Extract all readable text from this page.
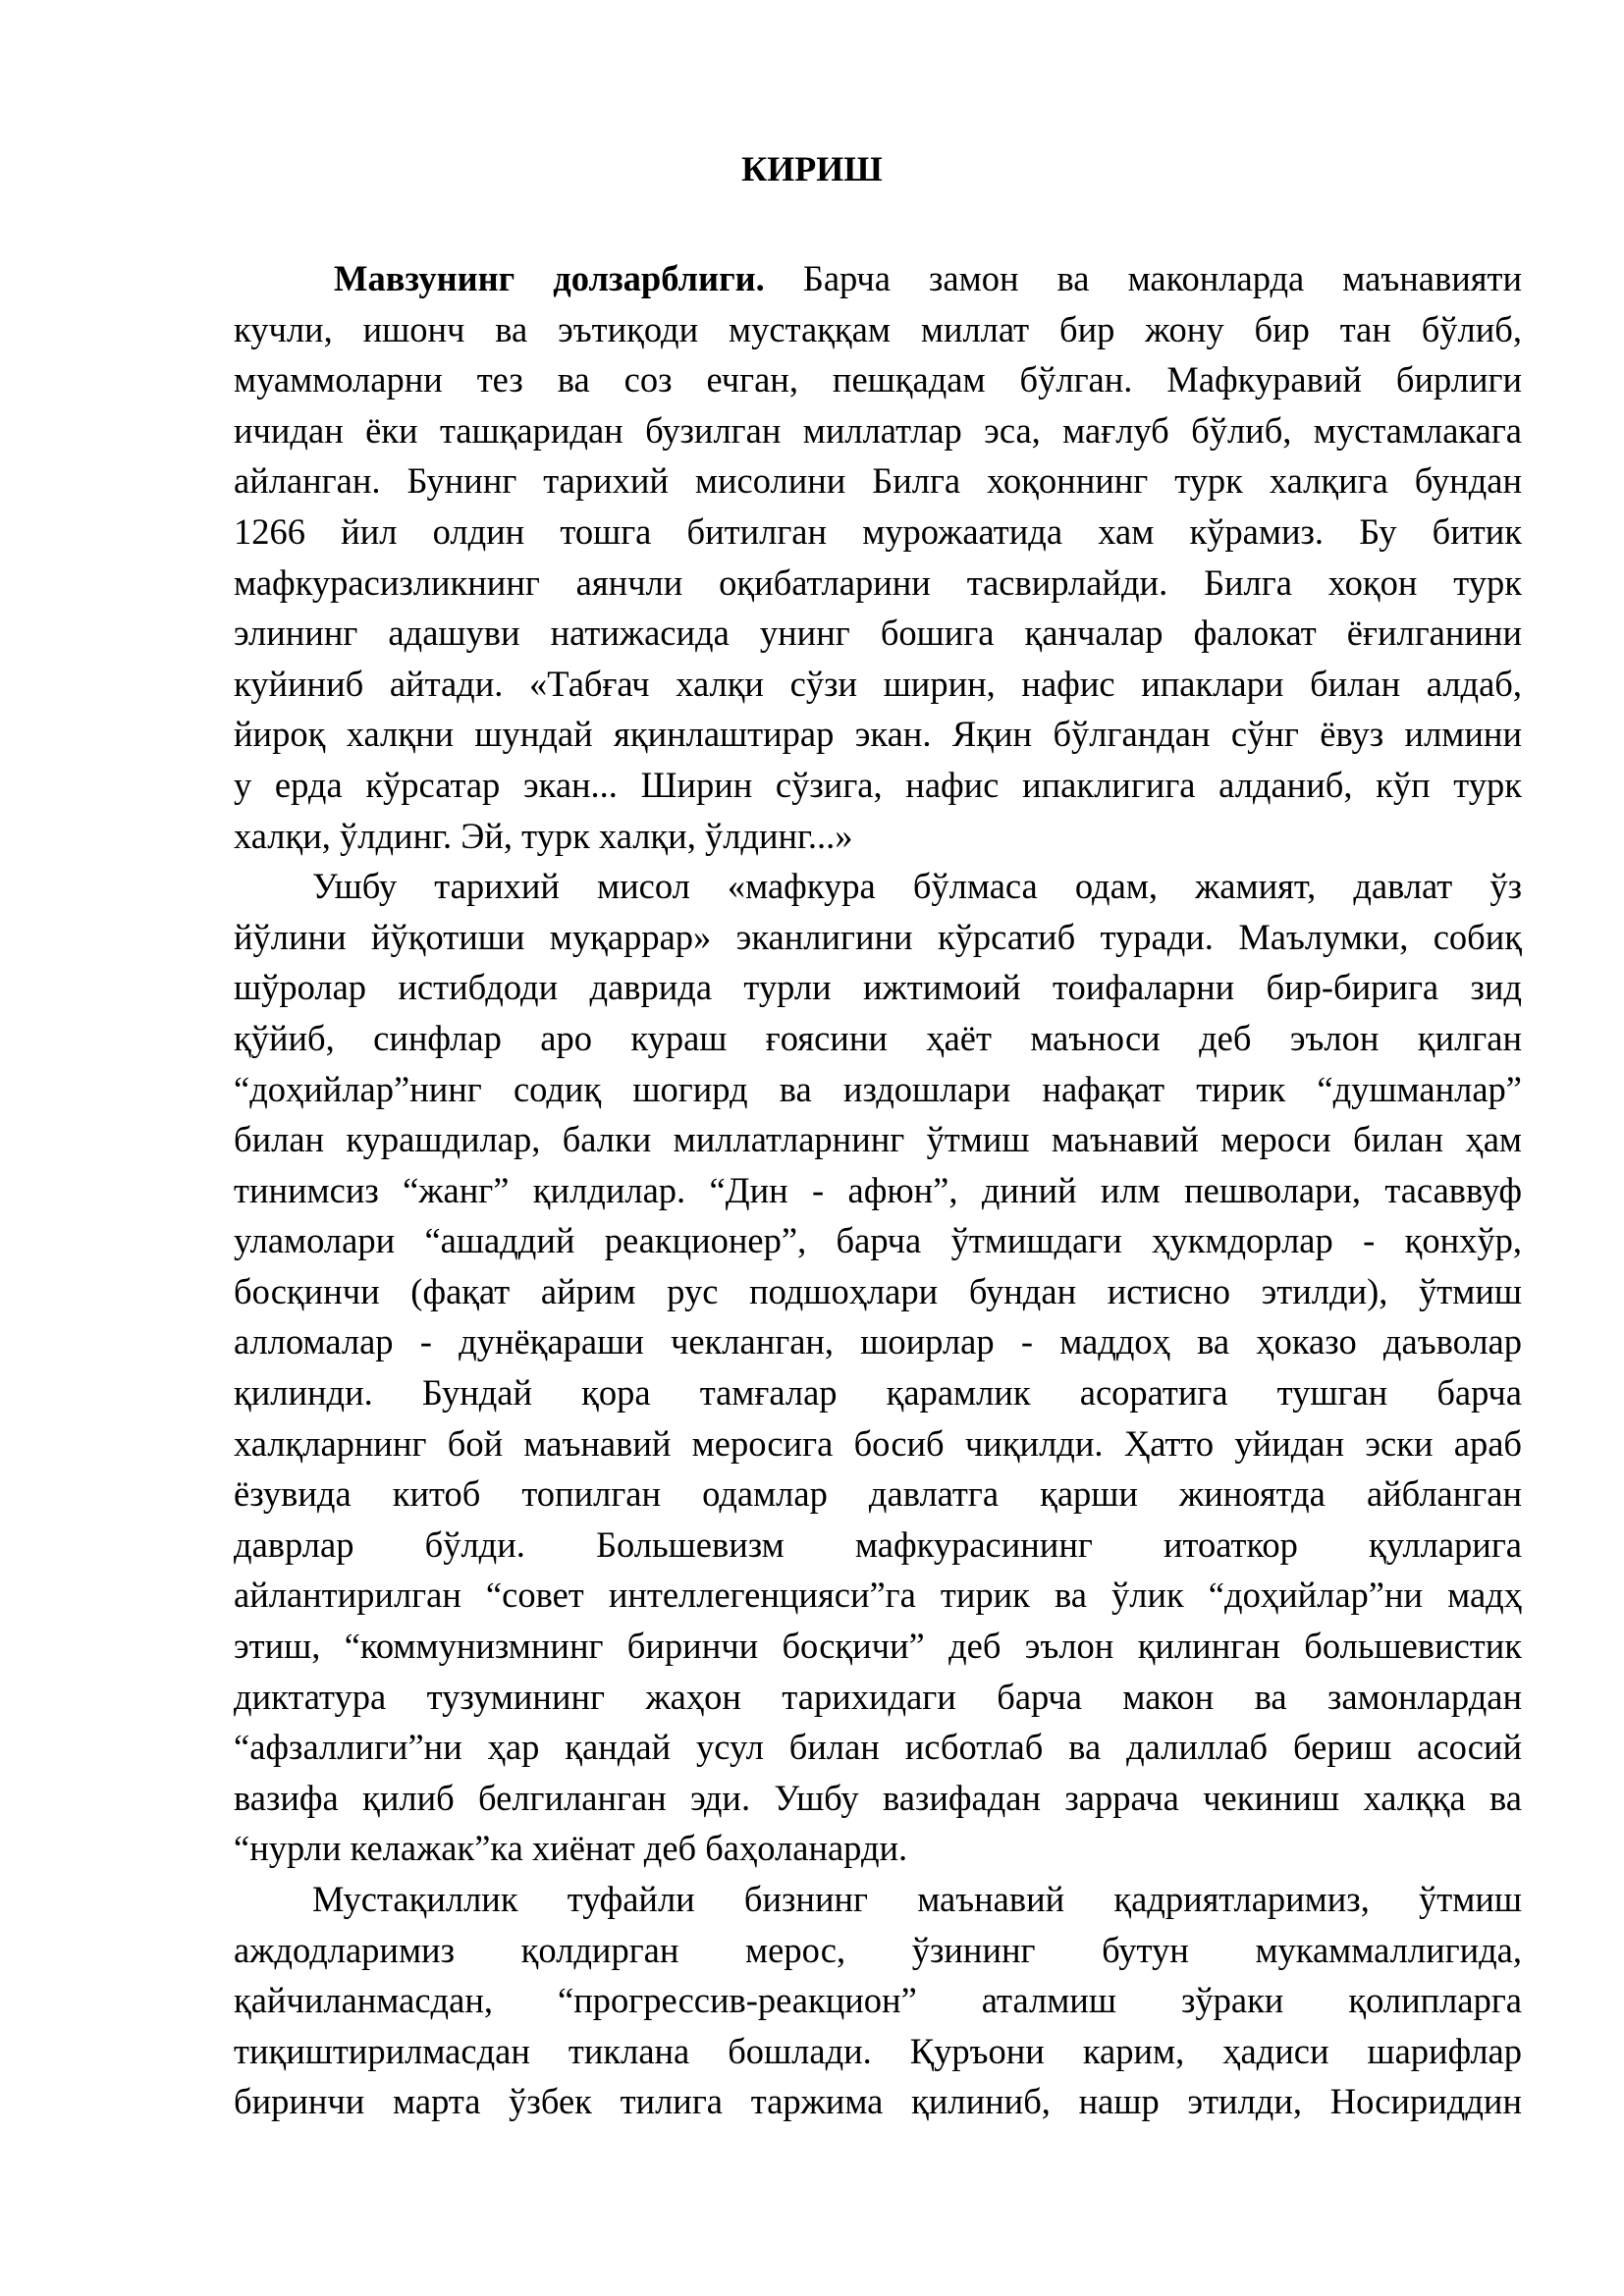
КИРИШ
Мавзунинг долзарблиги. Барча замон ва маконларда маънавияти
кучли, ишонч ва эътиқоди мустаққам миллат бир жону бир тан бўлиб,
муаммоларни тез ва соз ечган, пешқадам бўлган. Мафкуравий бирлиги
ичидан ёки ташқаридан бузилган миллатлар эса, мағлуб бўлиб, мустамлакага
айланган. Бунинг тарихий мисолини Билга хоқоннинг турк халқига бундан
1266 йил олдин тошга битилган мурожаатида хам кўрамиз. Бу битик
мафкурасизликнинг аянчли оқибатларини тасвирлайди. Билга хоқон турк
элининг адашуви натижасида унинг бошига қанчалар фалокат ёғилганини
куйиниб айтади. «Табғач халқи сўзи ширин, нафис ипаклари билан алдаб,
йироқ халқни шундай яқинлаштирар экан. Яқин бўлгандан сўнг ёвуз илмини
у ерда кўрсатар экан... Ширин сўзига, нафис ипаклигига алданиб, кўп турк
халқи, ўлдинг. Эй, турк халқи, ўлдинг...»
Ушбу тарихий мисол «мафкура бўлмаса одам, жамият, давлат ўз
йўлини йўқотиши муқаррар» эканлигини кўрсатиб туради. Маълумки, собиқ
шўролар истибдоди даврида турли ижтимоий тоифаларни бир-бирига зид
қўйиб, синфлар аро кураш ғоясини ҳаёт маъноси деб эълон қилган
“доҳийлар”нинг содиқ шогирд ва издошлари нафақат тирик “душманлар”
билан курашдилар, балки миллатларнинг ўтмиш маънавий мероси билан ҳам
тинимсиз “жанг” қилдилар. “Дин - афюн”, диний илм пешволари, тасаввуф
уламолари “ашаддий реакционер”, барча ўтмишдаги ҳукмдорлар - қонхўр,
босқинчи (фақат айрим рус подшоҳлари бундан истисно этилди), ўтмиш
алломалар - дунёқараши чекланган, шоирлар - маддоҳ ва ҳоказо даъволар
қилинди. Бундай қора тамғалар қарамлик асоратига тушган барча
халқларнинг бой маънавий меросига босиб чиқилди. Ҳатто уйидан эски араб
ёзувида китоб топилган одамлар давлатга қарши жиноятда айбланган
даврлар бўлди. Большевизм мафкурасининг итоаткор қулларига
айлантирилган “совет интеллегенцияси”га тирик ва ўлик “доҳийлар”ни мадҳ
этиш, “коммунизмнинг биринчи босқичи” деб эълон қилинган большевистик
диктатура тузумининг жаҳон тарихидаги барча макон ва замонлардан
“афзаллиги”ни ҳар қандай усул билан исботлаб ва далиллаб бериш асосий
вазифа қилиб белгиланган эди. Ушбу вазифадан заррача чекиниш халққа ва
“нурли келажак”ка хиёнат деб баҳоланарди.
Мустақиллик туфайли бизнинг маънавий қадриятларимиз, ўтмиш
аждодларимиз қолдирган мерос, ўзининг бутун мукаммаллигида,
қайчиланмасдан, “прогрессив-реакцион” аталмиш зўраки қолипларга
тиқиштирилмасдан тиклана бошлади. Қуръони карим, ҳадиси шарифлар
биринчи марта ўзбек тилига таржима қилиниб, нашр этилди, Носириддин
